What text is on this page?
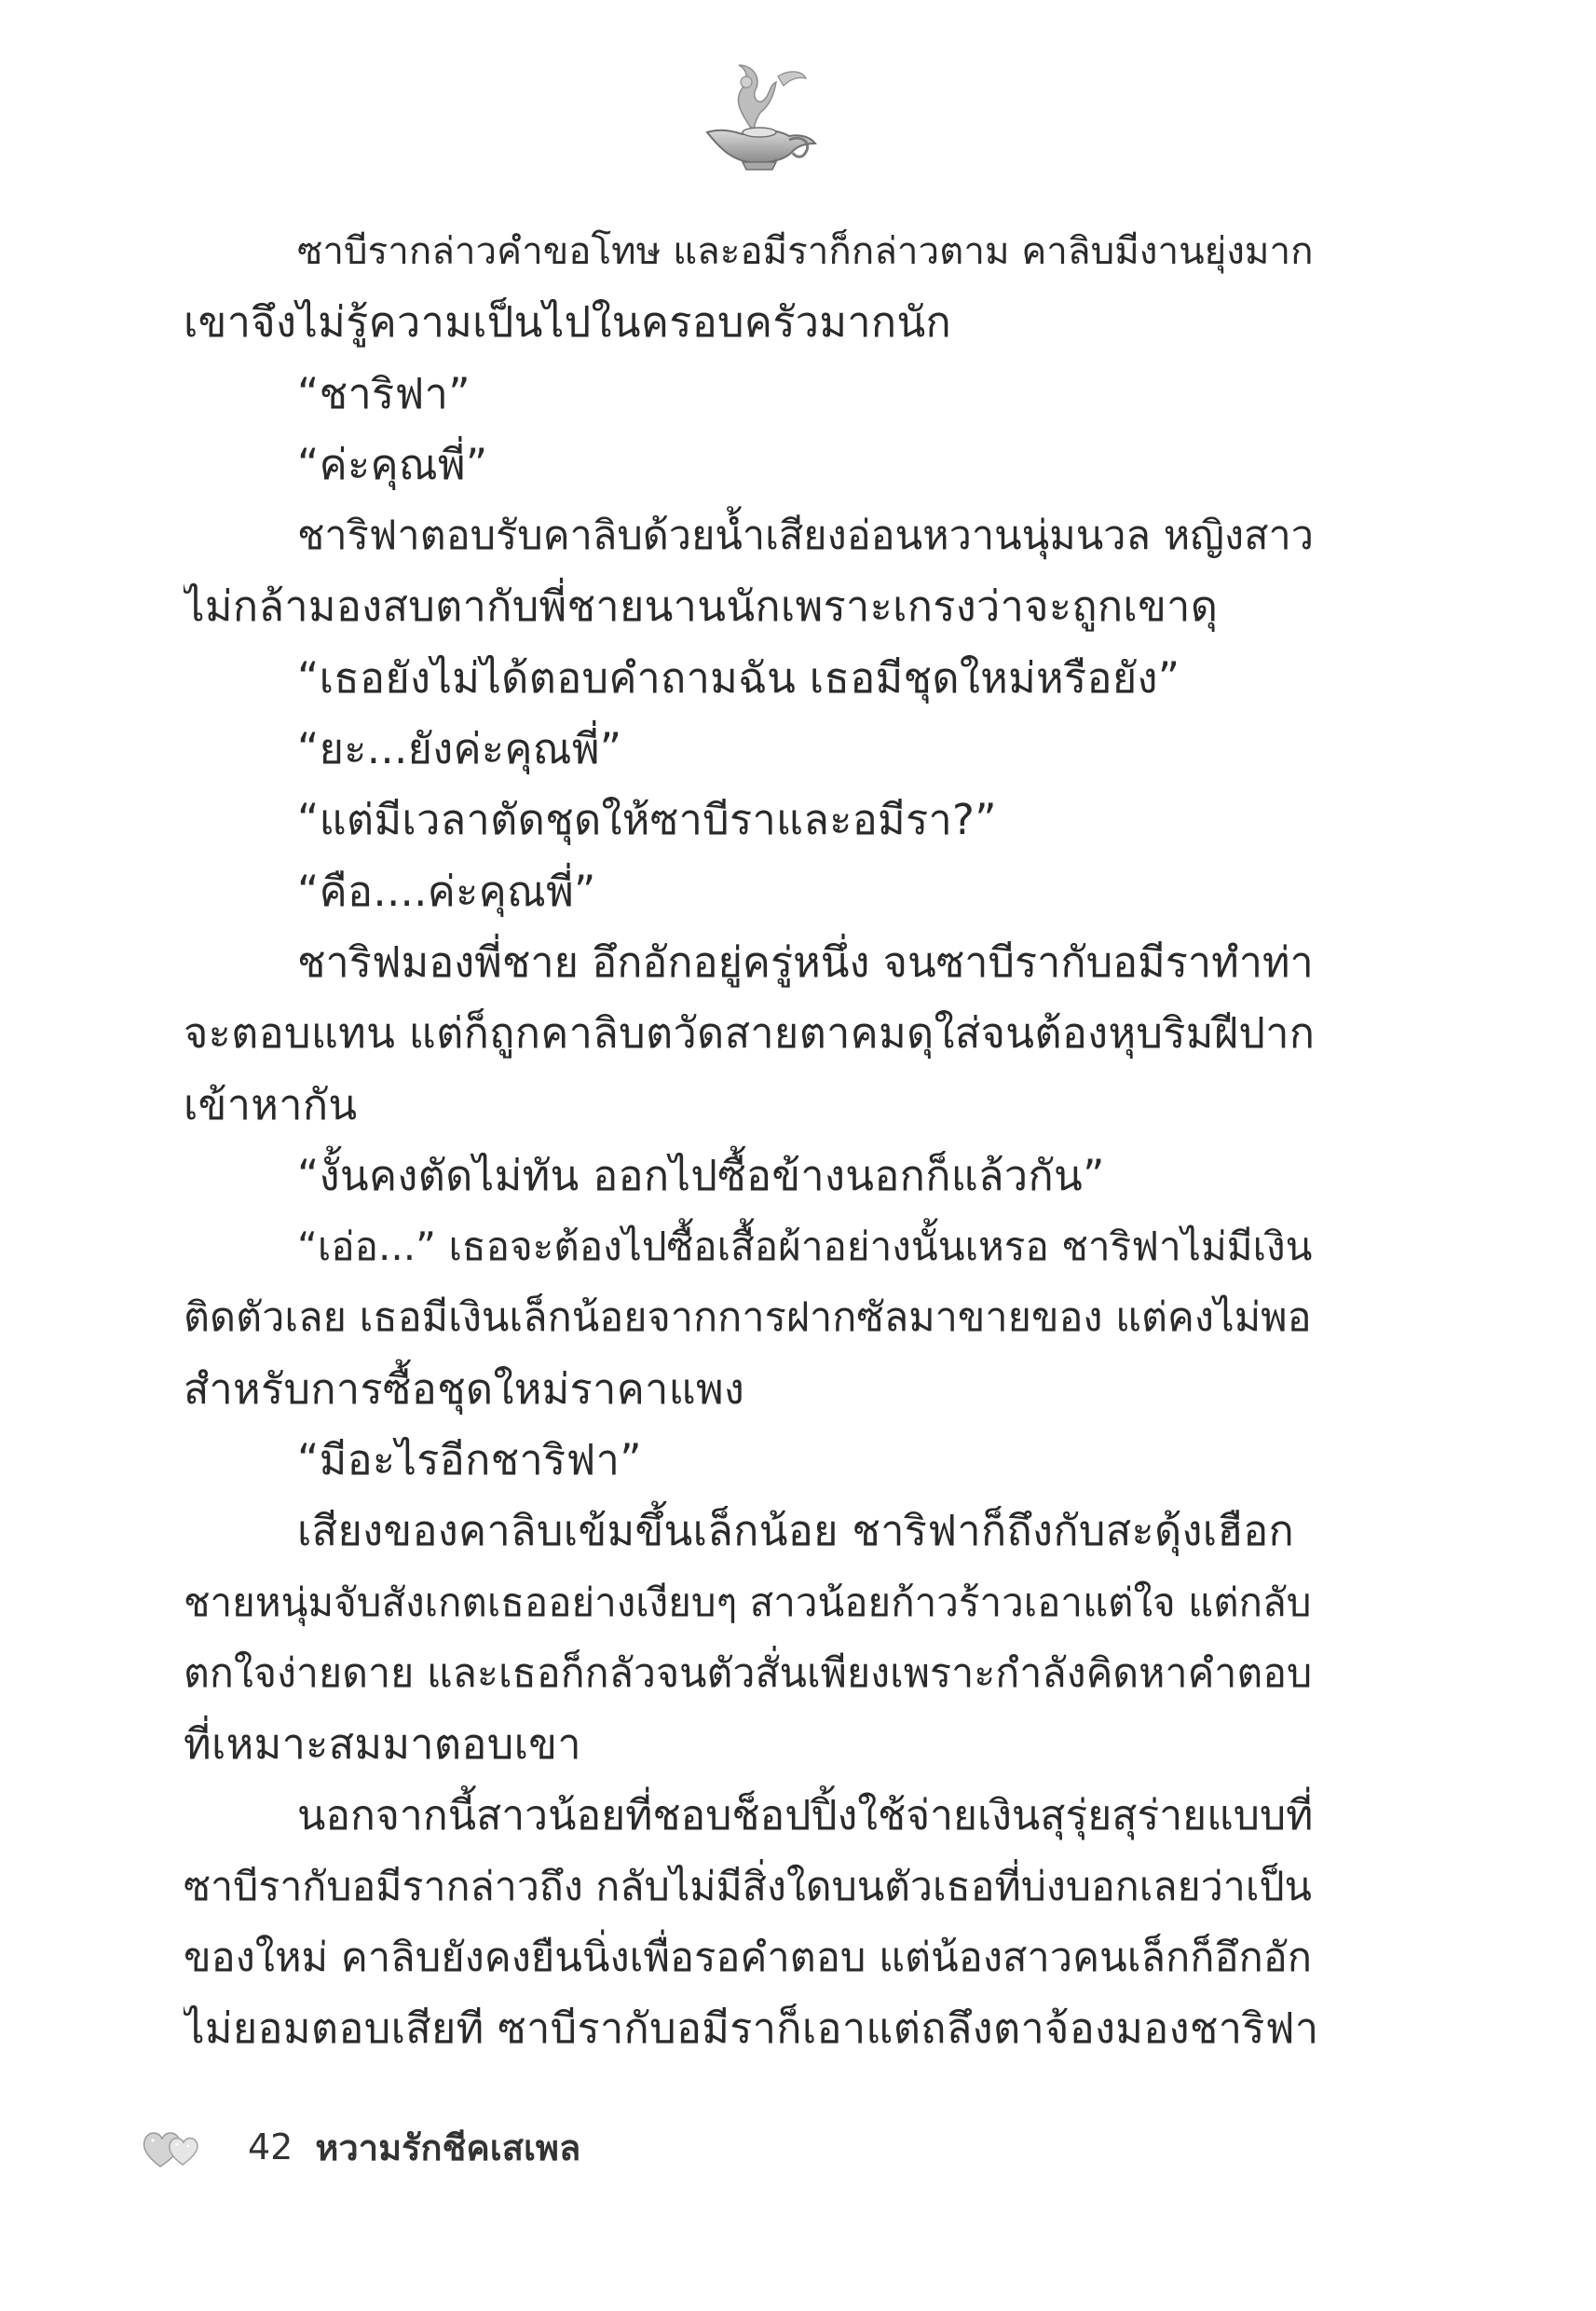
ซาบีรากล่าวคำขอโทษ และอมีราก็กล่าวตาม คาลิบมีงานยุ่งมาก
เขาจึงไม่รู้ความเป็นไปในครอบครัวมากนัก
“ชาริฟา”
“ค่ะคุณพี่”
ชาริฟาตอบรับคาลิบด้วยน้ำเสียงอ่อนหวานนุ่มนวล หญิงสาว
ไม่กล้ามองสบตากับพี่ชายนานนักเพราะเกรงว่าจะถูกเขาดุ
“เธอยังไม่ได้ตอบคำถามฉัน เธอมีชุดใหม่หรือยัง”
“ยะ...ยังค่ะคุณพี่”
“แต่มีเวลาตัดชุดให้ซาบีราและอมีรา?”
“คือ....ค่ะคุณพี่”
ชาริฟมองพี่ชาย อึกอักอยู่ครู่หนึ่ง จนซาบีรากับอมีราทำท่า
จะตอบแทน แต่ก็ถูกคาลิบตวัดสายตาคมดุใส่จนต้องหุบริมฝีปาก
เข้าหากัน
“งั้นคงตัดไม่ทัน ออกไปซื้อข้างนอกก็แล้วกัน”
“เอ่อ...” เธอจะต้องไปซื้อเสื้อผ้าอย่างนั้นเหรอ ชาริฟาไม่มีเงิน
ติดตัวเลย เธอมีเงินเล็กน้อยจากการฝากซัลมาขายของ แต่คงไม่พอ
สำหรับการซื้อชุดใหม่ราคาแพง
“มีอะไรอีกชาริฟา”
เสียงของคาลิบเข้มขึ้นเล็กน้อย ชาริฟาก็ถึงกับสะดุ้งเฮือก
ชายหนุ่มจับสังเกตเธออย่างเงียบๆ สาวน้อยก้าวร้าวเอาแต่ใจ แต่กลับ
ตกใจง่ายดาย และเธอก็กลัวจนตัวสั่นเพียงเพราะกำลังคิดหาคำตอบ
ที่เหมาะสมมาตอบเขา
นอกจากนี้สาวน้อยที่ชอบช็อปปิ้งใช้จ่ายเงินสุรุ่ยสุร่ายแบบที่
ซาบีรากับอมีรากล่าวถึง กลับไม่มีสิ่งใดบนตัวเธอที่บ่งบอกเลยว่าเป็น
ของใหม่ คาลิบยังคงยืนนิ่งเพื่อรอคำตอบ แต่น้องสาวคนเล็กก็อึกอัก
ไม่ยอมตอบเสียที ซาบีรากับอมีราก็เอาแต่ถลึงตาจ้องมองชาริฟา
42 หวามรักชีคเสเพล
